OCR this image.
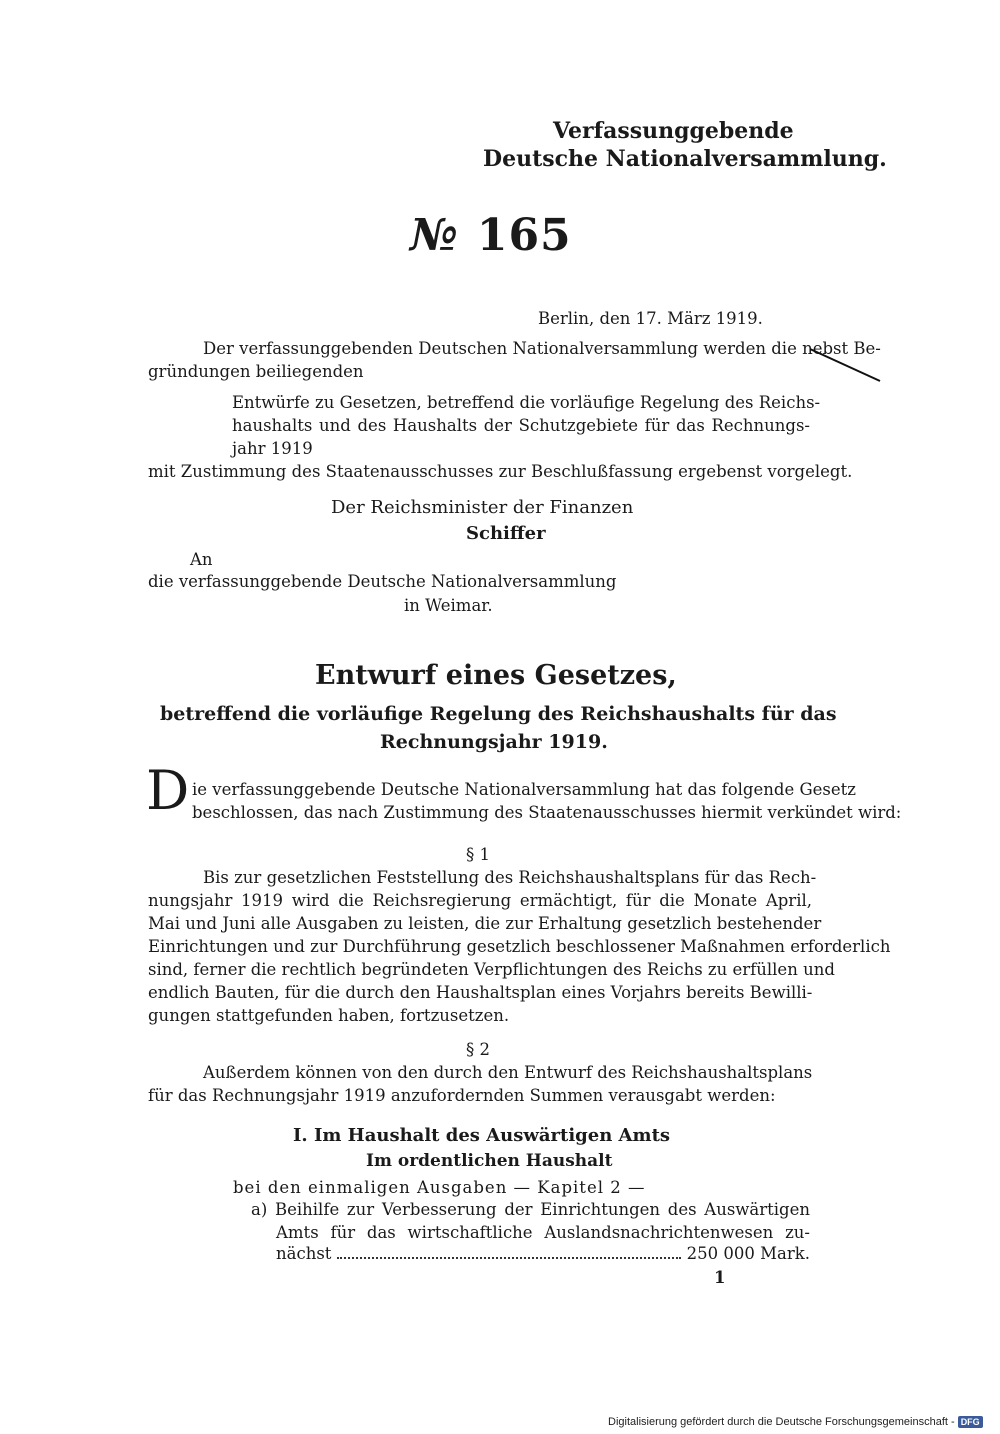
Verfassunggebende
Deutsche Nationalversammlung.
№ 165
Berlin, den 17. März 1919.
Der verfassunggebenden Deutschen Nationalversammlung werden die nebst Be-
gründungen beiliegenden
Entwürfe zu Gesetzen, betreffend die vorläufige Regelung des Reichs-
haushalts und des Haushalts der Schutzgebiete für das Rechnungs-
jahr 1919
mit Zustimmung des Staatenausschusses zur Beschlußfassung ergebenst vorgelegt.
Der Reichsminister der Finanzen
Schiffer
An
die verfassunggebende Deutsche Nationalversammlung
in Weimar.
Entwurf eines Gesetzes,
betreffend die vorläufige Regelung des Reichshaushalts für das
Rechnungsjahr 1919.
D ie verfassunggebende Deutsche Nationalversammlung hat das folgende Gesetz
beschlossen, das nach Zustimmung des Staatenausschusses hiermit verkündet wird:
§ 1
Bis zur gesetzlichen Feststellung des Reichshaushaltsplans für das Rech-
nungsjahr 1919 wird die Reichsregierung ermächtigt, für die Monate April,
Mai und Juni alle Ausgaben zu leisten, die zur Erhaltung gesetzlich bestehender
Einrichtungen und zur Durchführung gesetzlich beschlossener Maßnahmen erforderlich
sind, ferner die rechtlich begründeten Verpflichtungen des Reichs zu erfüllen und
endlich Bauten, für die durch den Haushaltsplan eines Vorjahrs bereits Bewilli-
gungen stattgefunden haben, fortzusetzen.
§ 2
Außerdem können von den durch den Entwurf des Reichshaushaltsplans
für das Rechnungsjahr 1919 anzufordernden Summen verausgabt werden:
I. Im Haushalt des Auswärtigen Amts
Im ordentlichen Haushalt
bei den einmaligen Ausgaben — Kapitel 2 —
a) Beihilfe zur Verbesserung der Einrichtungen des Auswärtigen
Amts für das wirtschaftliche Auslandsnachrichtenwesen zu-
nächst	250 000 Mark.
1
Digitalisierung gefördert durch die Deutsche Forschungsgemeinschaft - DFG
